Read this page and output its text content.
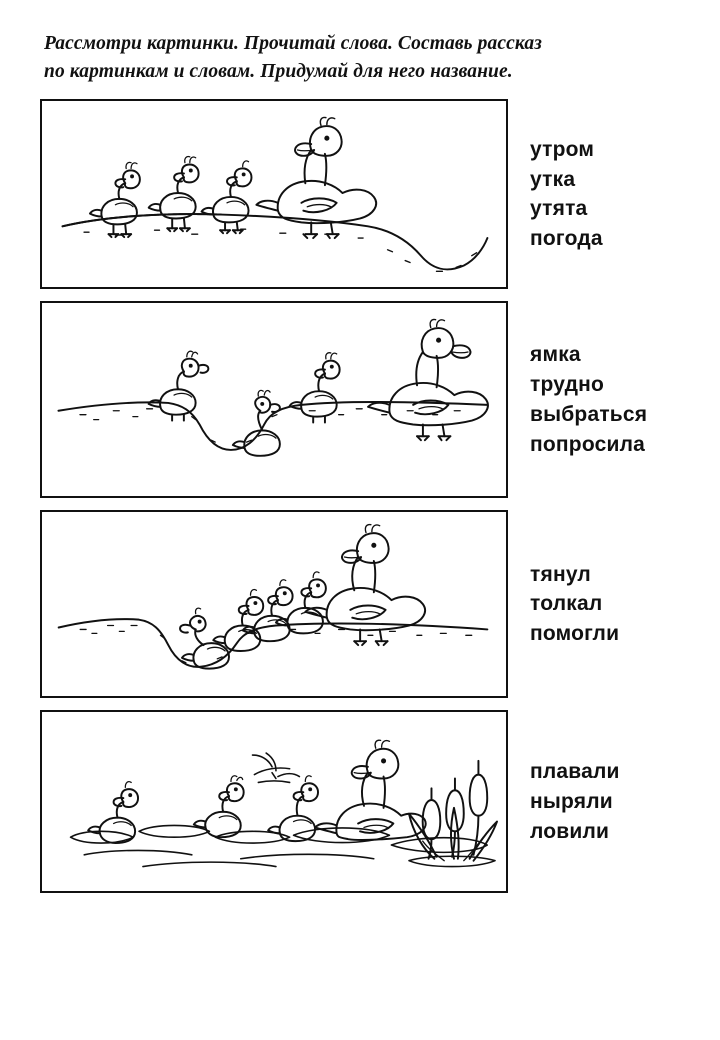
Рассмотри картинки. Прочитай слова. Составь рассказ
по картинкам и словам. Придумай для него название.
утром
утка
утята
погода
ямка
трудно
выбраться
попросила
тянул
толкал
помогли
плавали
ныряли
ловили
